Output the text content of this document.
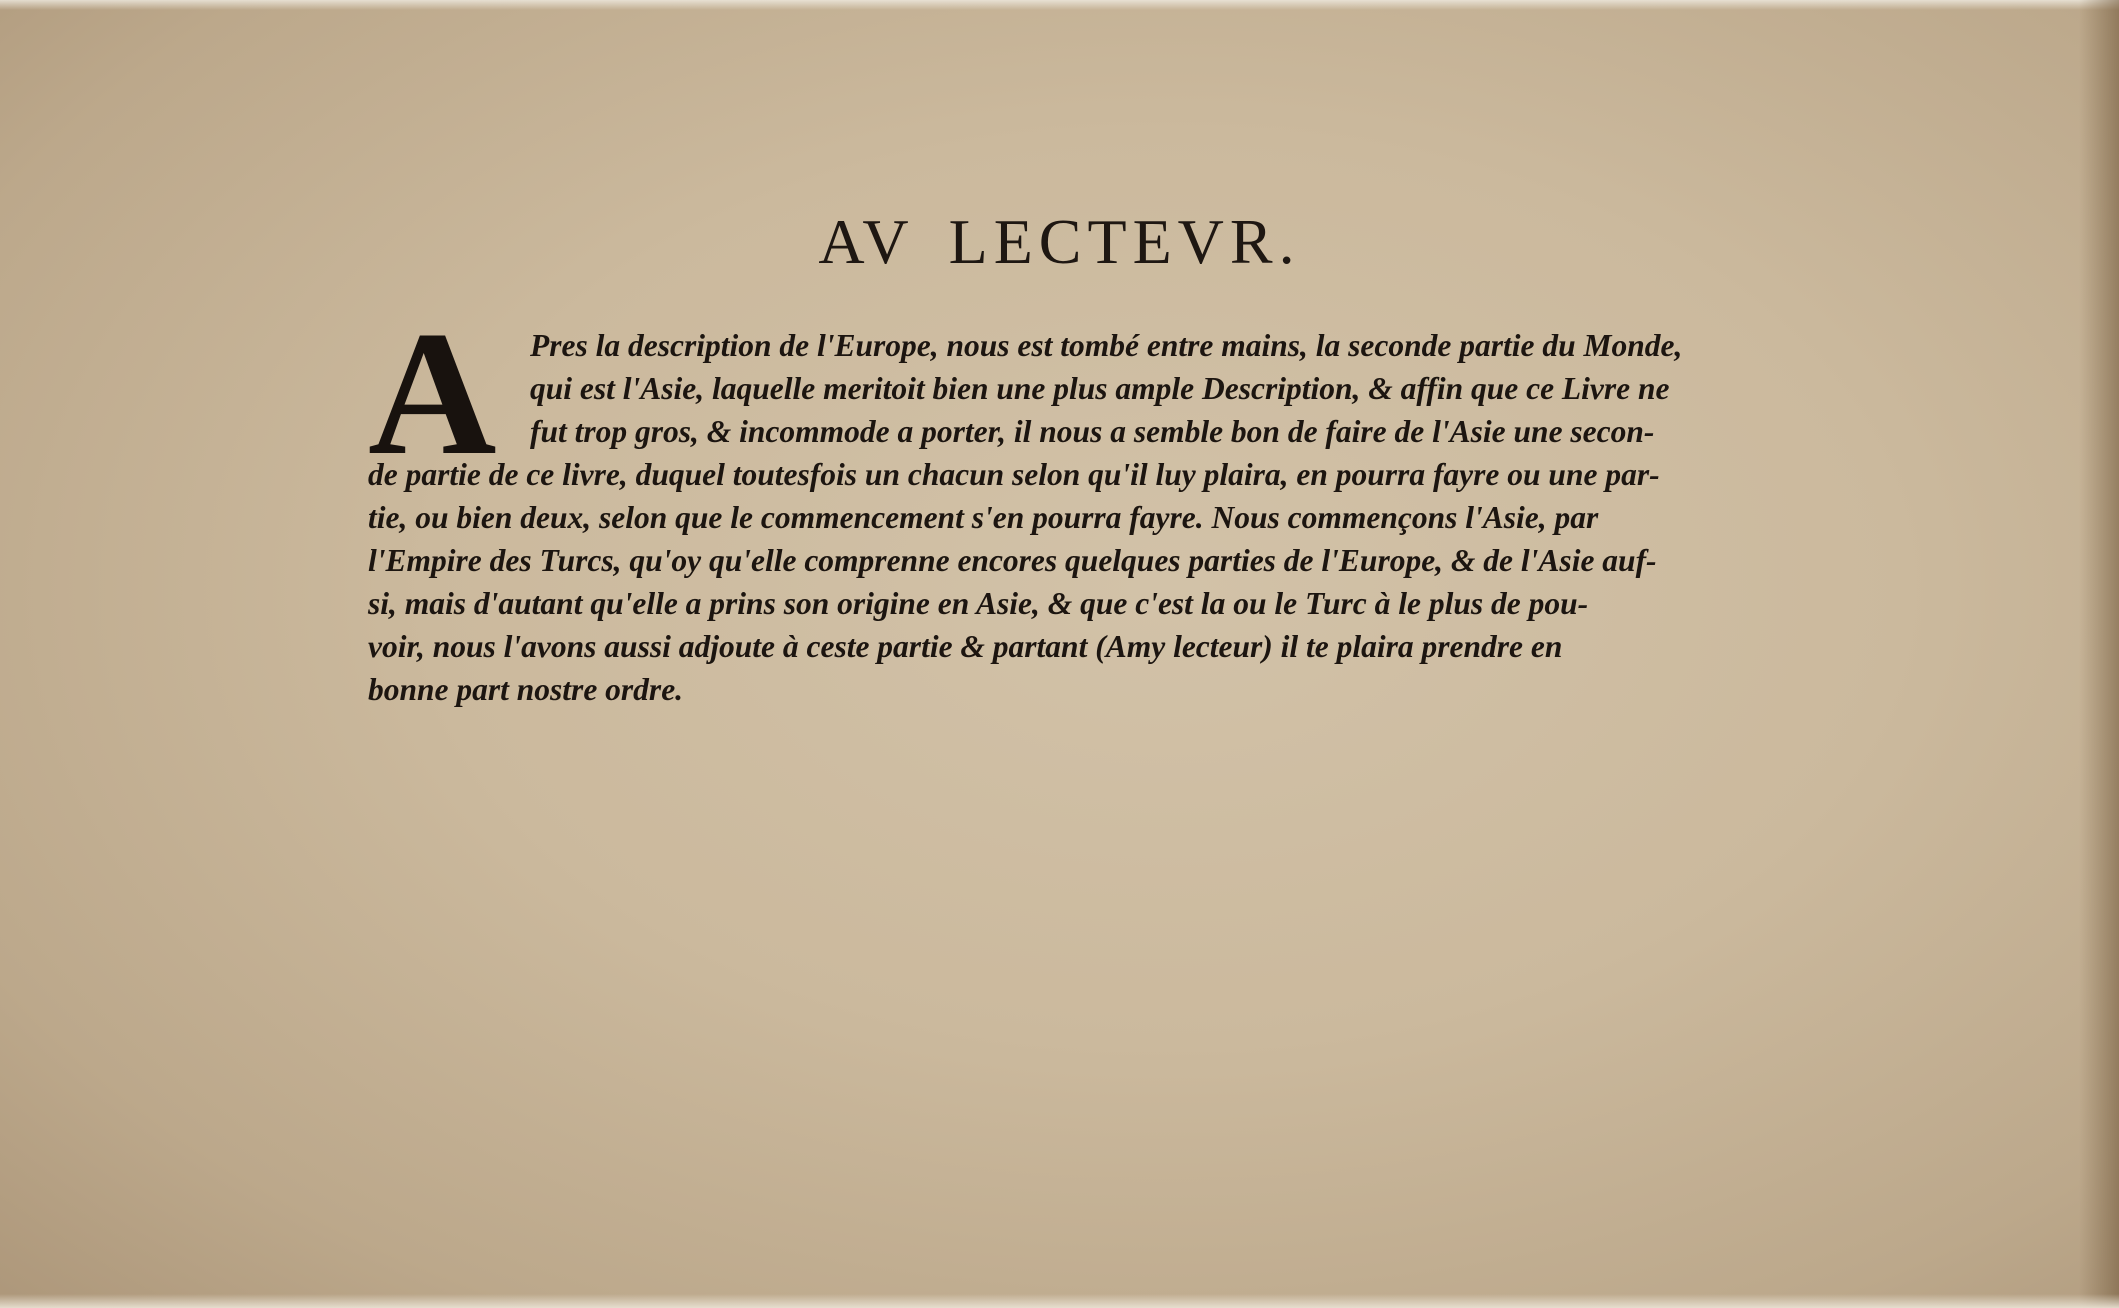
AV LECTEVR.
A	Pres la description de l'Europe, nous est tombé entre mains, la seconde partie du Monde,
qui est l'Asie, laquelle meritoit bien une plus ample Description, & affin que ce Livre ne
fut trop gros, & incommode a porter, il nous a semble bon de faire de l'Asie une secon-
de partie de ce livre, duquel toutesfois un chacun selon qu'il luy plaira, en pourra fayre ou une par-
tie, ou bien deux, selon que le commencement s'en pourra fayre. Nous commençons l'Asie, par
l'Empire des Turcs, qu'oy qu'elle comprenne encores quelques parties de l'Europe, & de l'Asie auf-
si, mais d'autant qu'elle a prins son origine en Asie, & que c'est la ou le Turc à le plus de pou-
voir, nous l'avons aussi adjoute à ceste partie & partant (Amy lecteur) il te plaira prendre en
bonne part nostre ordre.
